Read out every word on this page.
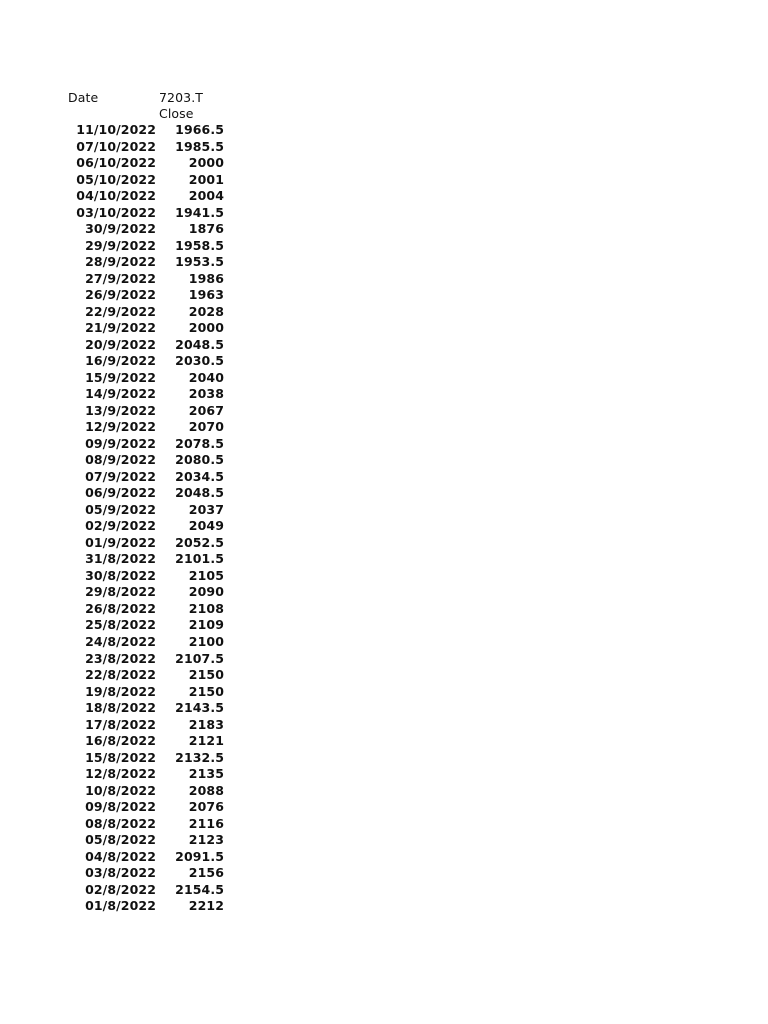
Date	7203.T
Close
11/10/2022 1966.5
07/10/2022 1985.5
06/10/2022	2000
05/10/2022	2001
04/10/2022	2004
03/10/2022 1941.5
30/9/2022	1876
29/9/2022 1958.5
28/9/2022 1953.5
27/9/2022	1986
26/9/2022	1963
22/9/2022	2028
21/9/2022	2000
20/9/2022 2048.5
16/9/2022 2030.5
15/9/2022	2040
14/9/2022	2038
13/9/2022	2067
12/9/2022	2070
09/9/2022 2078.5
08/9/2022 2080.5
07/9/2022 2034.5
06/9/2022 2048.5
05/9/2022	2037
02/9/2022	2049
01/9/2022 2052.5
31/8/2022 2101.5
30/8/2022	2105
29/8/2022	2090
26/8/2022	2108
25/8/2022	2109
24/8/2022	2100
23/8/2022 2107.5
22/8/2022	2150
19/8/2022	2150
18/8/2022 2143.5
17/8/2022	2183
16/8/2022	2121
15/8/2022 2132.5
12/8/2022	2135
10/8/2022	2088
09/8/2022	2076
08/8/2022	2116
05/8/2022	2123
04/8/2022 2091.5
03/8/2022	2156
02/8/2022 2154.5
01/8/2022	2212
